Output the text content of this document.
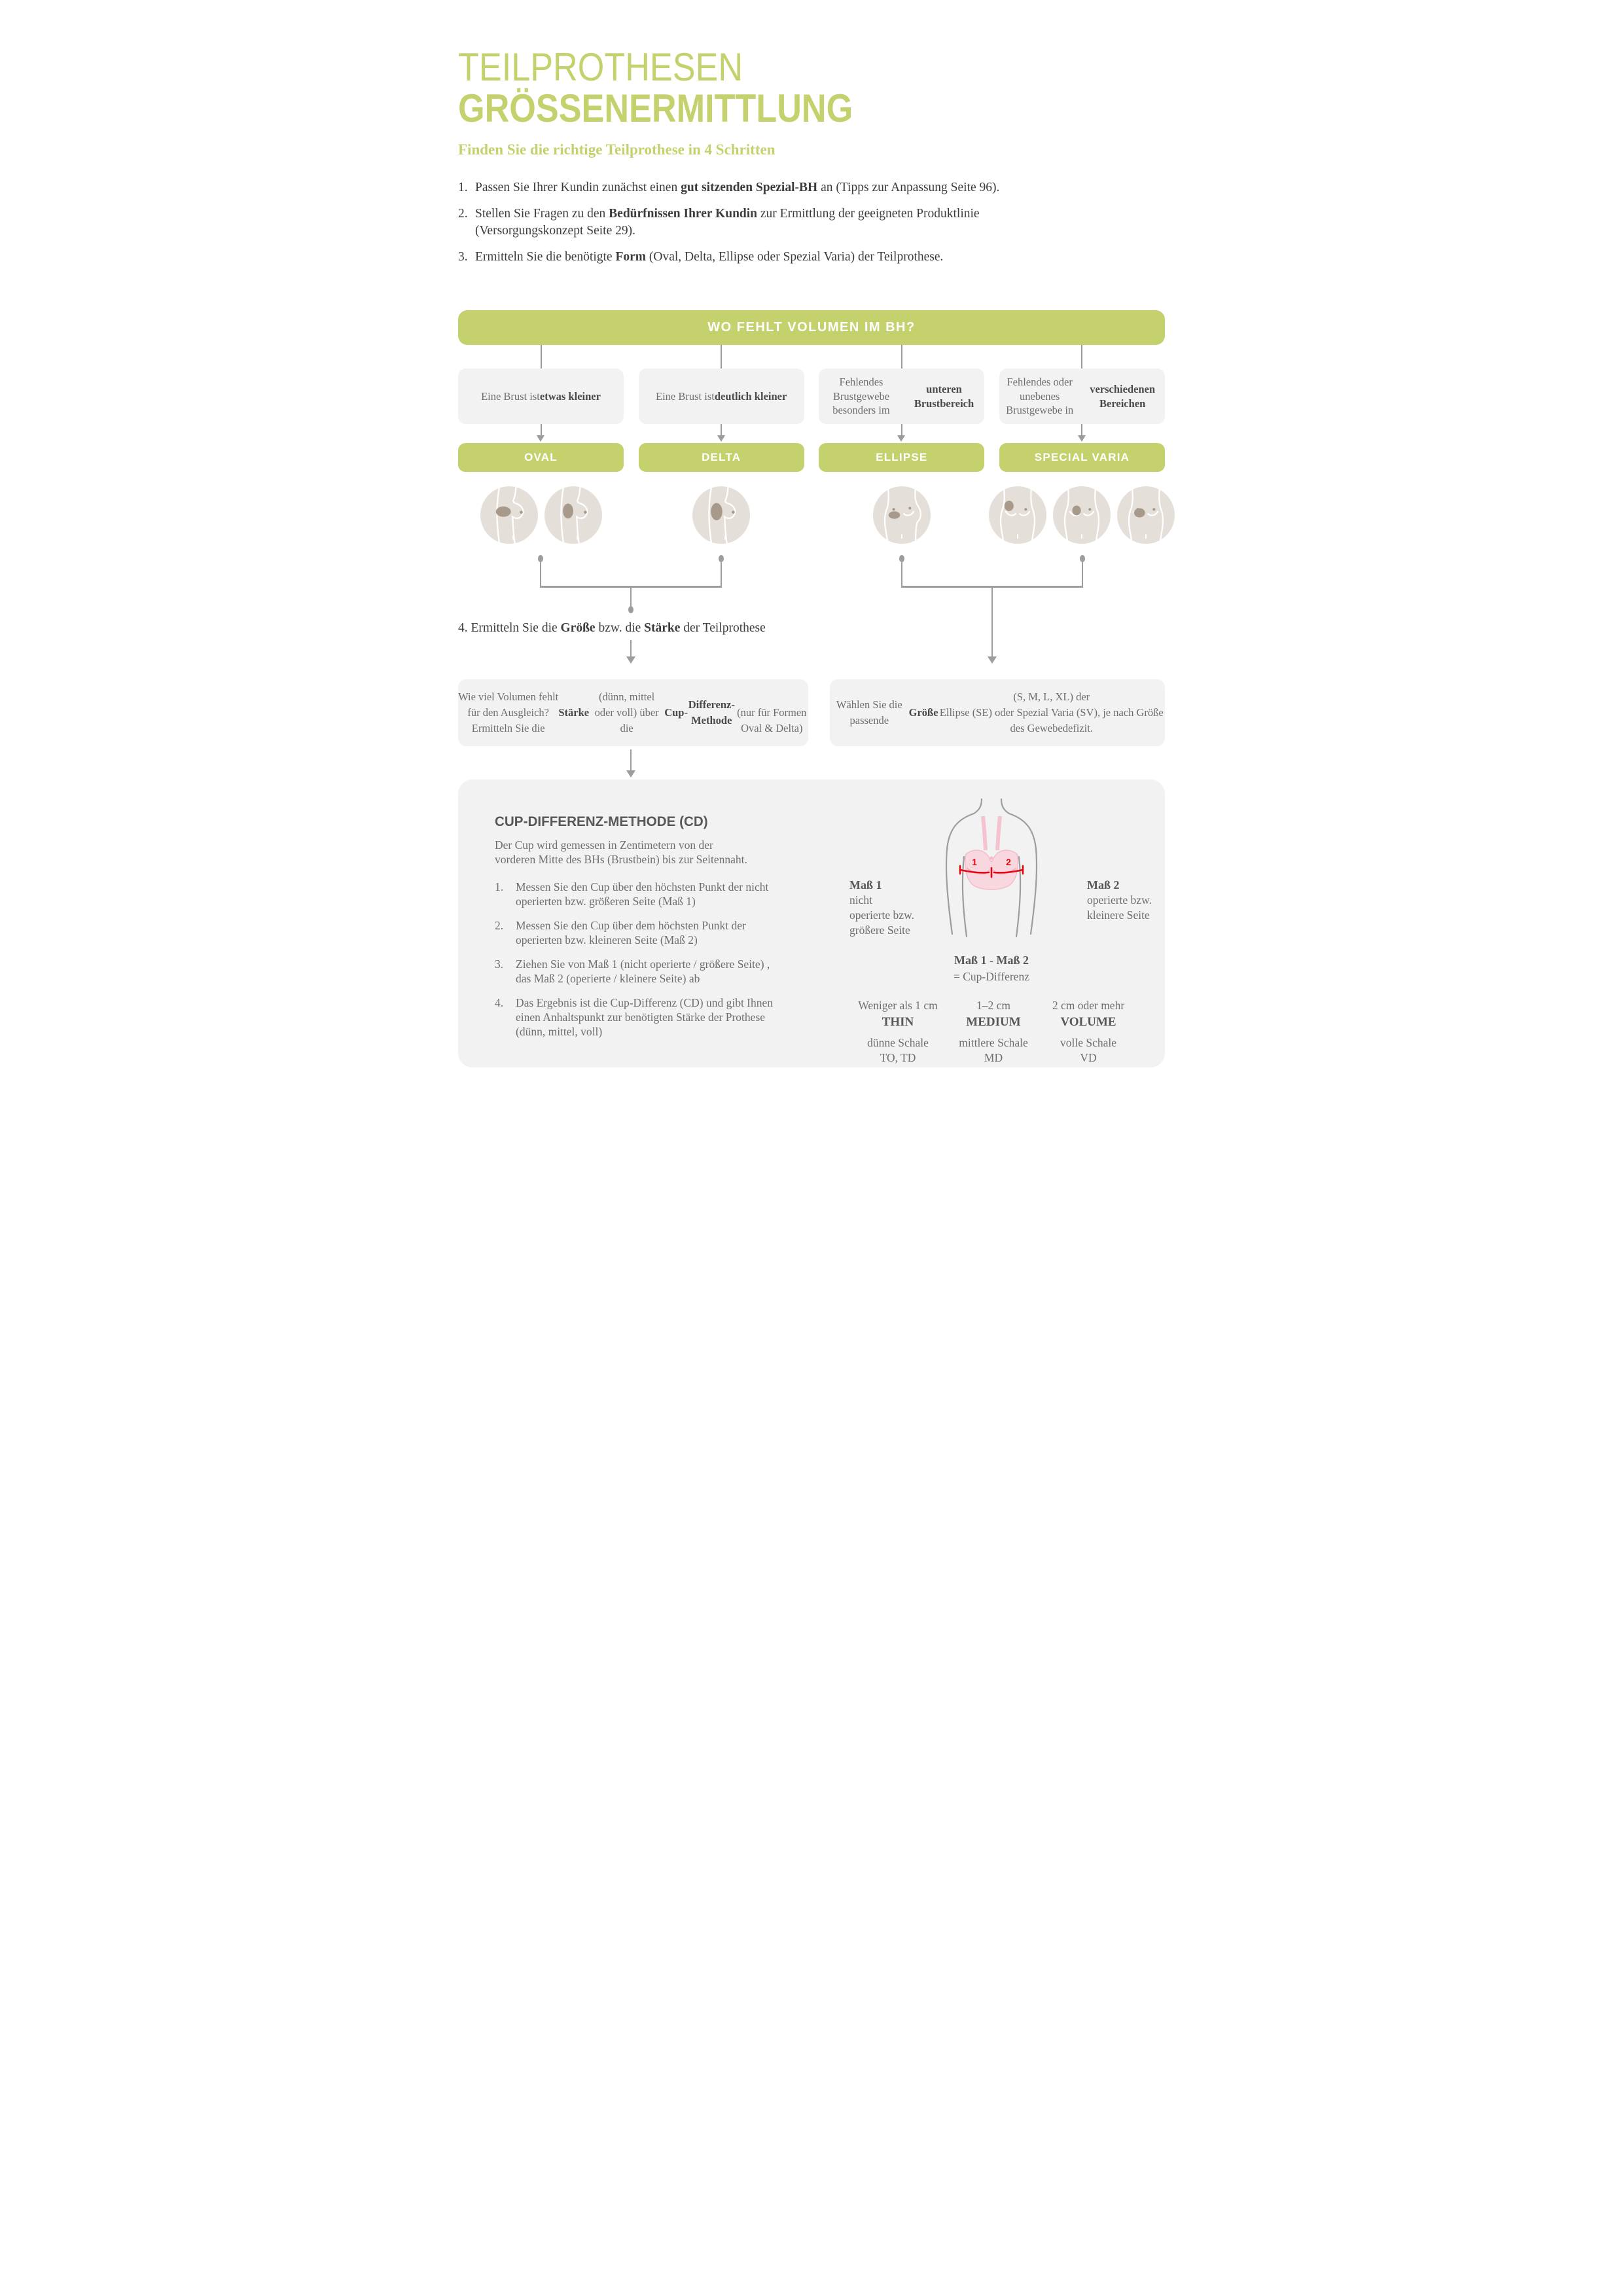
TEILPROTHESEN
GRÖSSENERMITTLUNG
Finden Sie die richtige Teilprothese in 4 Schritten
1. Passen Sie Ihrer Kundin zunächst einen gut sitzenden Spezial-BH an (Tipps zur Anpassung Seite 96).
2. Stellen Sie Fragen zu den Bedürfnissen Ihrer Kundin zur Ermittlung der geeigneten Produktlinie
(Versorgungskonzept Seite 29).
3. Ermitteln Sie die benötigte Form (Oval, Delta, Ellipse oder Spezial Varia) der Teilprothese.
WO FEHLT VOLUMEN IM BH?
Eine Brust ist etwas kleiner	Eine Brust ist deutlich kleiner
Fehlendes Brustgewebe
besonders im

unteren Brustbereich
Fehlendes oder unebenes
Brustgewebe in

verschiedenen Bereichen
OVAL	DELTA	ELLIPSE	SPECIAL VARIA
4. Ermitteln Sie die Größe bzw. die Stärke der Teilprothese
Wie viel Volumen fehlt für den Ausgleich?
Ermitteln Sie die
Stärke
(dünn, mittel oder voll) über die
Cup-

Differenz-Methode

(nur für Formen Oval & Delta)
Wählen Sie die passende
Größe
(S, M, L, XL) der
Ellipse (SE) oder Spezial Varia (SV), je nach Größe des Gewebedefizit.
CUP-DIFFERENZ-METHODE (CD)
Der Cup wird gemessen in Zentimetern von der
vorderen Mitte des BHs (Brustbein) bis zur Seitennaht.
1.	Messen Sie den Cup über den höchsten Punkt der nicht
operierten bzw. größeren Seite (Maß 1)
2.	Messen Sie den Cup über dem höchsten Punkt der
operierten bzw. kleineren Seite (Maß 2)
3.	Ziehen Sie von Maß 1 (nicht operierte / größere Seite) ,
das Maß 2 (operierte / kleinere Seite) ab
4.	Das Ergebnis ist die Cup-Differenz (CD) und gibt Ihnen
einen Anhaltspunkt zur benötigten Stärke der Prothese
(dünn, mittel, voll)
1	2
Maß 1
nicht
operierte bzw.
größere Seite
Maß 2
operierte bzw.
kleinere Seite
Maß 1 - Maß 2
= Cup-Differenz
Weniger als 1 cm
THIN
dünne Schale
TO, TD
1–2 cm
MEDIUM
mittlere Schale
MD
2 cm oder mehr
VOLUME
volle Schale
VD
